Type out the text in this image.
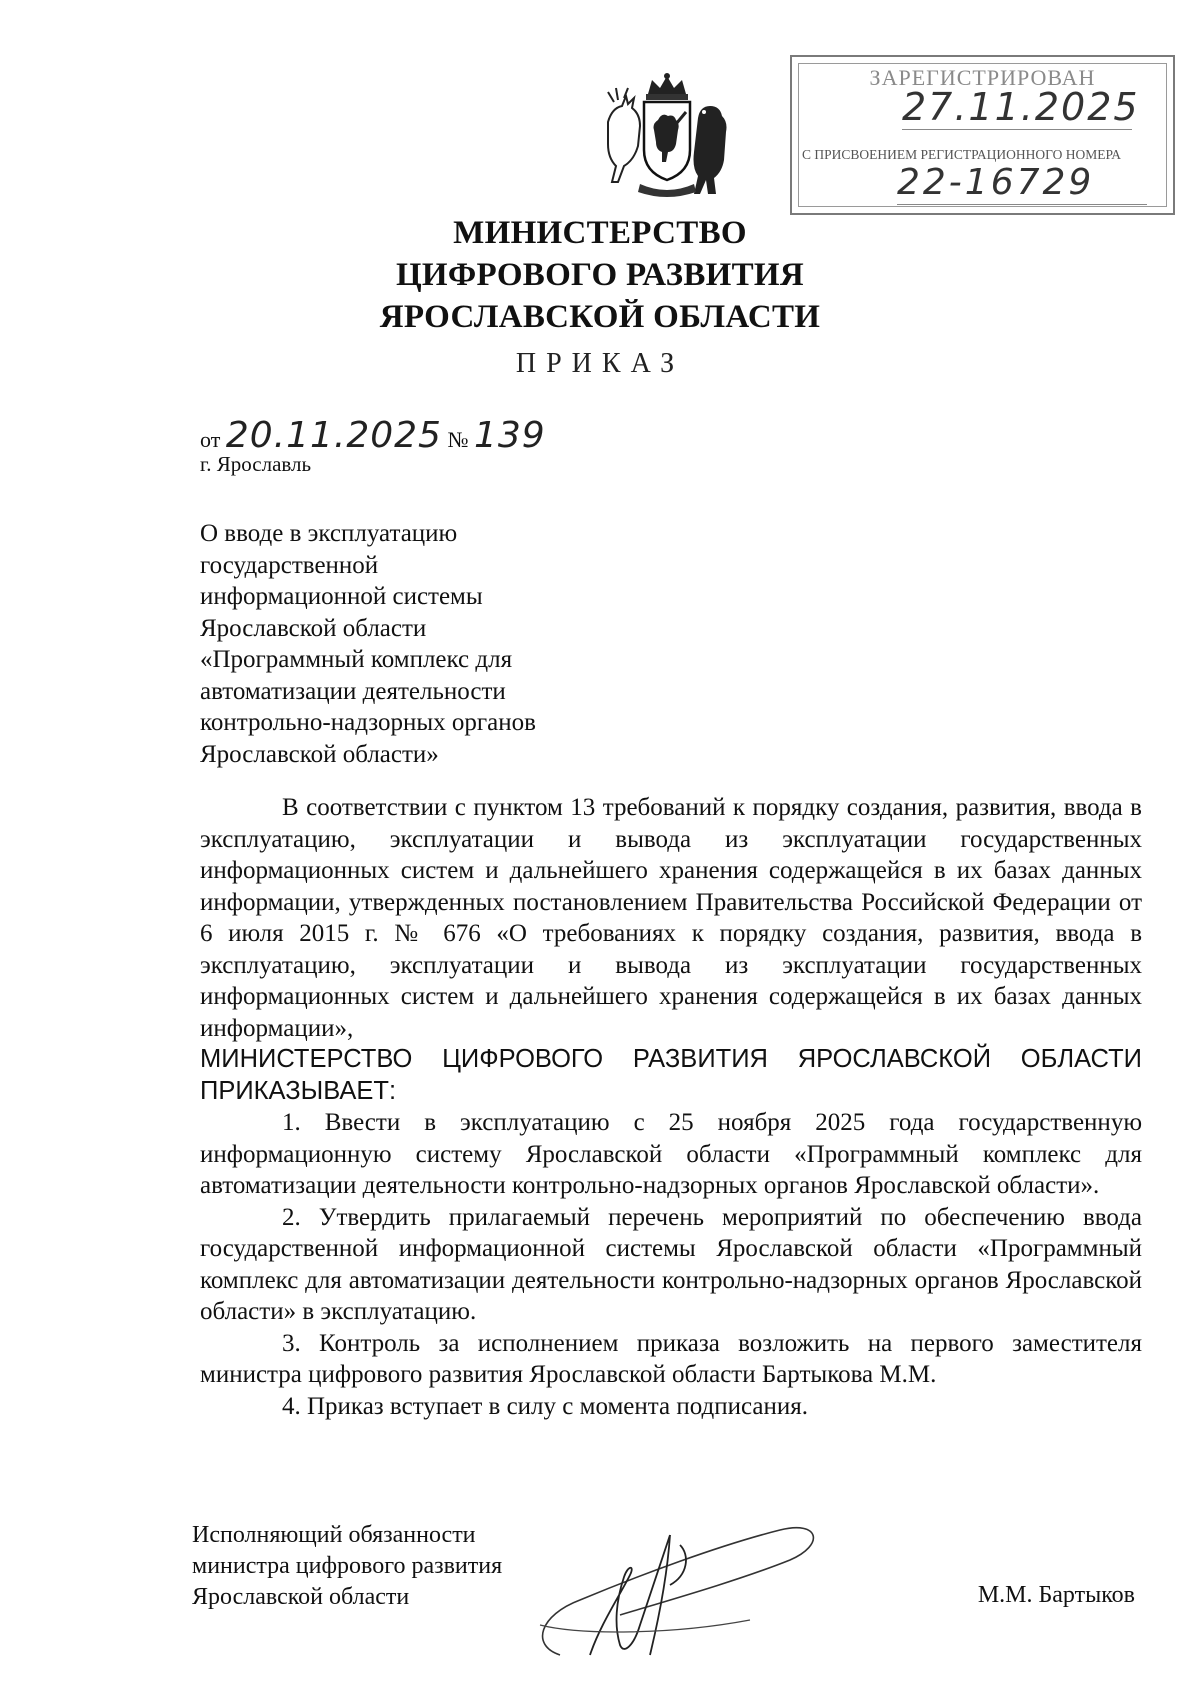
ЗАРЕГИСТРИРОВАН
27.11.2025
С ПРИСВОЕНИЕМ РЕГИСТРАЦИОННОГО НОМЕРА
22-16729
МИНИСТЕРСТВО
ЦИФРОВОГО РАЗВИТИЯ
ЯРОСЛАВСКОЙ ОБЛАСТИ
ПРИКАЗ
от 20.11.2025 № 139
г. Ярославль
О вводе в эксплуатацию
государственной
информационной системы
Ярославской области
«Программный комплекс для
автоматизации деятельности
контрольно-надзорных органов
Ярославской области»

В соответствии с пунктом 13 требований к порядку создания, развития, ввода в эксплуатацию, эксплуатации и вывода из эксплуатации государственных информационных систем и дальнейшего хранения содержащейся в их базах данных информации, утвержденных постановлением Правительства Российской Федерации от 6 июля 2015 г. № 676 «О требованиях к порядку создания, развития, ввода в эксплуатацию, эксплуатации и вывода из эксплуатации государственных информационных систем и дальнейшего хранения содержащейся в их базах данных информации»,

МИНИСТЕРСТВО ЦИФРОВОГО РАЗВИТИЯ ЯРОСЛАВСКОЙ ОБЛАСТИ ПРИКАЗЫВАЕТ:

1. Ввести в эксплуатацию с 25 ноября 2025 года государственную информационную систему Ярославской области «Программный комплекс для автоматизации деятельности контрольно-надзорных органов Ярославской области».

2. Утвердить прилагаемый перечень мероприятий по обеспечению ввода государственной информационной системы Ярославской области «Программный комплекс для автоматизации деятельности контрольно-надзорных органов Ярославской области» в эксплуатацию.

3. Контроль за исполнением приказа возложить на первого заместителя министра цифрового развития Ярославской области Бартыкова М.М.

4. Приказ вступает в силу с момента подписания.

Исполняющий обязанности
министра цифрового развития
Ярославской области	М.М. Бартыков
